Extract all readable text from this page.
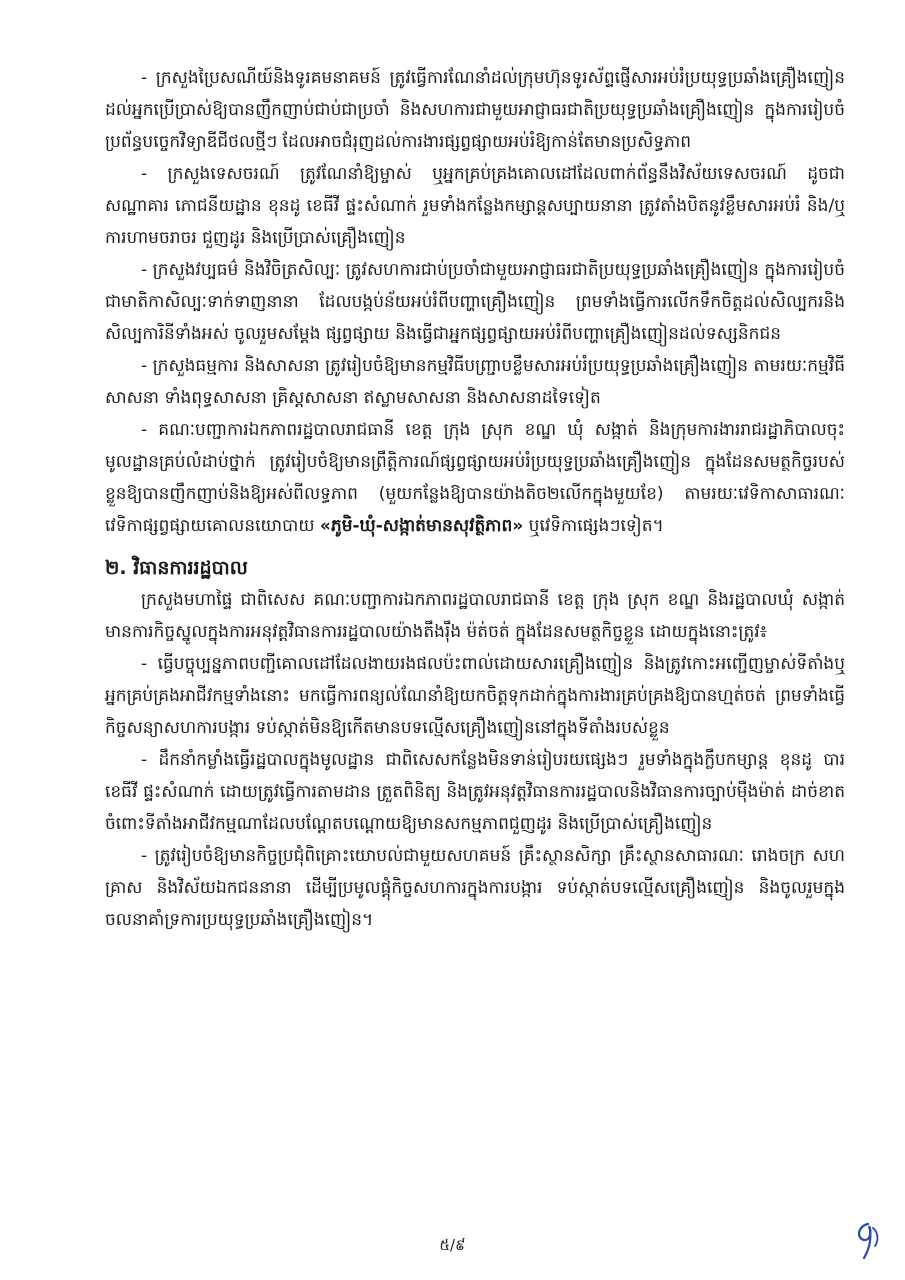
- ក្រសួងប្រៃសណីយ៍និងទូរគមនាគមន៍ ត្រូវធ្វើការណែនាំដល់ក្រុមហ៊ុនទូរស័ព្ទផ្ញើសារអប់រំប្រយុទ្ធប្រឆាំងគ្រឿងញៀន ដល់អ្នកប្រើប្រាស់ឱ្យបានញឹកញាប់ជាប់ជាប្រចាំ និងសហការជាមួយអាជ្ញាធរជាតិប្រយុទ្ធប្រឆាំងគ្រឿងញៀន ក្នុងការរៀបចំប្រព័ន្ធបច្ចេកវិទ្យាឌីជីថលថ្មីៗ ដែលអាចជំរុញដល់ការងារផ្សព្វផ្សាយអប់រំឱ្យកាន់តែមានប្រសិទ្ធភាព

- ក្រសួងទេសចរណ៍ ត្រូវណែនាំឱ្យម្ចាស់ ឬអ្នកគ្រប់គ្រងគោលដៅដែលពាក់ព័ន្ធនឹងវិស័យទេសចរណ៍ ដូចជា សណ្ឋាគារ ភោជនីយដ្ឋាន ខុនដូ ខេធីវី ផ្ទះសំណាក់ រួមទាំងកន្លែងកម្សាន្តសប្បាយនានា ត្រូវតាំងបិតនូវខ្លឹមសារអប់រំ និង/ឬ ការហាមចរាចរ ជួញដូរ និងប្រើប្រាស់គ្រឿងញៀន

- ក្រសួងវប្បធម៌ និងវិចិត្រសិល្បៈ ត្រូវសហការជាប់ប្រចាំជាមួយអាជ្ញាធរជាតិប្រយុទ្ធប្រឆាំងគ្រឿងញៀន ក្នុងការរៀបចំជាមាតិកាសិល្បៈទាក់ទាញនានា ដែលបង្កប់ន័យអប់រំពីបញ្ហាគ្រឿងញៀន ព្រមទាំងធ្វើការលើកទឹកចិត្តដល់សិល្បករនិងសិល្បការិនីទាំងអស់ ចូលរួមសម្ដែង ផ្សព្វផ្សាយ និងធ្វើជាអ្នកផ្សព្វផ្សាយអប់រំពីបញ្ហាគ្រឿងញៀនដល់ទស្សនិកជន

- ក្រសួងធម្មការ និងសាសនា ត្រូវរៀបចំឱ្យមានកម្មវិធីបញ្ជ្រាបខ្លឹមសារអប់រំប្រយុទ្ធប្រឆាំងគ្រឿងញៀន តាមរយៈកម្មវិធីសាសនា ទាំងពុទ្ធសាសនា គ្រិស្តសាសនា ឥស្លាមសាសនា និងសាសនាដទៃទៀត

- គណៈបញ្ជាការឯកភាពរដ្ឋបាលរាជធានី ខេត្ត ក្រុង ស្រុក ខណ្ឌ ឃុំ សង្កាត់ និងក្រុមការងាររាជរដ្ឋាភិបាលចុះមូលដ្ឋានគ្រប់លំដាប់ថ្នាក់ ត្រូវរៀបចំឱ្យមានព្រឹត្តិការណ៍ផ្សព្វផ្សាយអប់រំប្រយុទ្ធប្រឆាំងគ្រឿងញៀន ក្នុងដែនសមត្ថកិច្ចរបស់ខ្លួនឱ្យបានញឹកញាប់និងឱ្យអស់ពីលទ្ធភាព (មួយកន្លែងឱ្យបានយ៉ាងតិច២លើកក្នុងមួយខែ) តាមរយៈវេទិកាសាធារណៈ វេទិកាផ្សព្វផ្សាយគោលនយោបាយ «ភូមិ-ឃុំ-សង្កាត់មានសុវត្ថិភាព» ឬវេទិកាផ្សេងៗទៀត។

២. វិធានការរដ្ឋបាល

ក្រសួងមហាផ្ទៃ ជាពិសេស គណៈបញ្ជាការឯកភាពរដ្ឋបាលរាជធានី ខេត្ត ក្រុង ស្រុក ខណ្ឌ និងរដ្ឋបាលឃុំ សង្កាត់ មានការកិច្ចស្នូលក្នុងការអនុវត្តវិធានការរដ្ឋបាលយ៉ាងតឹងរ៉ឹង ម៉ត់ចត់ ក្នុងដែនសមត្ថកិច្ចខ្លួន ដោយក្នុងនោះត្រូវ៖

- ធ្វើបច្ចុប្បន្នភាពបញ្ជីគោលដៅដែលងាយរងផលប៉ះពាល់ដោយសារគ្រឿងញៀន និងត្រូវកោះអញ្ជើញម្ចាស់ទីតាំងឬអ្នកគ្រប់គ្រងអាជីវកម្មទាំងនោះ មកធ្វើការពន្យល់ណែនាំឱ្យយកចិត្តទុកដាក់ក្នុងការងារគ្រប់គ្រងឱ្យបានហ្មត់ចត់ ព្រមទាំងធ្វើកិច្ចសន្យាសហការបង្ការ ទប់ស្កាត់មិនឱ្យកើតមានបទល្មើសគ្រឿងញៀននៅក្នុងទីតាំងរបស់ខ្លួន

- ដឹកនាំកម្លាំងធ្វើរដ្ឋបាលក្នុងមូលដ្ឋាន ជាពិសេសកន្លែងមិនទាន់រៀបរយផ្សេងៗ រួមទាំងក្នុងក្លឹបកម្សាន្ត ខុនដូ បារ ខេធីវី ផ្ទះសំណាក់ ដោយត្រូវធ្វើការតាមដាន ត្រួតពិនិត្យ និងត្រូវអនុវត្តវិធានការរដ្ឋបាលនិងវិធានការច្បាប់ម៉ឺងម៉ាត់ ដាច់ខាត ចំពោះទីតាំងអាជីវកម្មណាដែលបណ្ដែតបណ្ដោយឱ្យមានសកម្មភាពជួញដូរ និងប្រើប្រាស់គ្រឿងញៀន

- ត្រូវរៀបចំឱ្យមានកិច្ចប្រជុំពិគ្រោះយោបល់ជាមួយសហគមន៍ គ្រឹះស្ថានសិក្សា គ្រឹះស្ថានសាធារណៈ រោងចក្រ សហគ្រាស និងវិស័យឯកជននានា ដើម្បីប្រមូលផ្តុំកិច្ចសហការក្នុងការបង្ការ ទប់ស្កាត់បទល្មើសគ្រឿងញៀន និងចូលរួមក្នុងចលនាគាំទ្រការប្រយុទ្ធប្រឆាំងគ្រឿងញៀន។

៥/៩
